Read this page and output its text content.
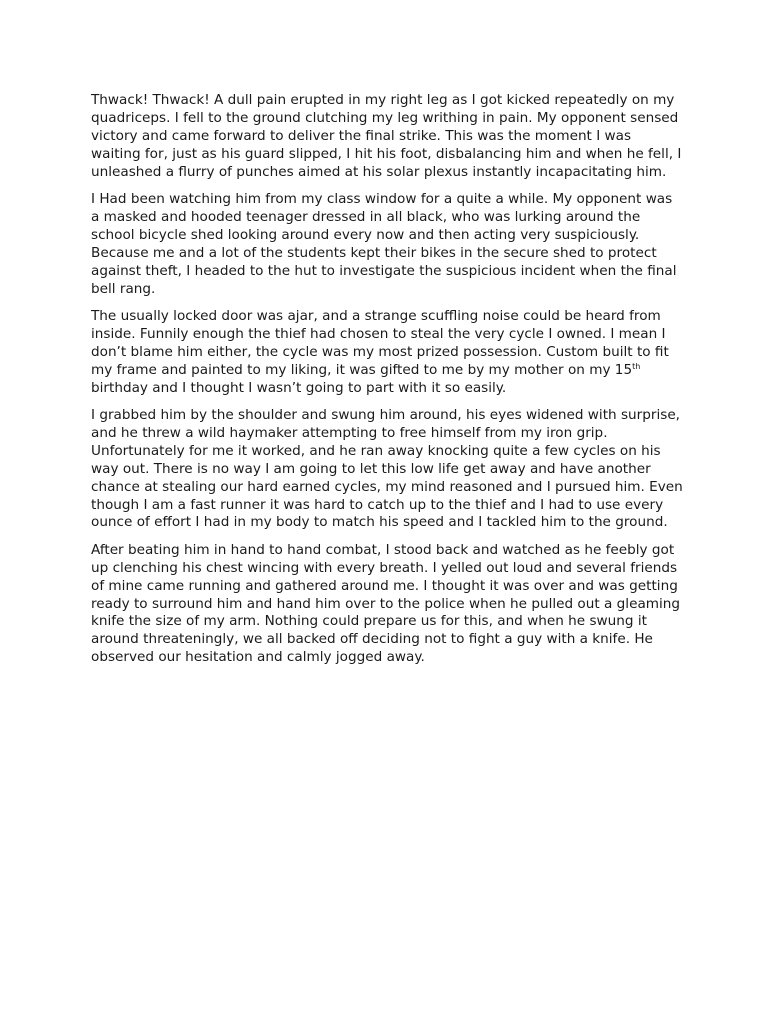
Thwack! Thwack! A dull pain erupted in my right leg as I got kicked repeatedly on my quadriceps. I fell to the ground clutching my leg writhing in pain. My opponent sensed victory and came forward to deliver the final strike. This was the moment I was waiting for, just as his guard slipped, I hit his foot, disbalancing him and when he fell, I unleashed a flurry of punches aimed at his solar plexus instantly incapacitating him.

I Had been watching him from my class window for a quite a while. My opponent was a masked and hooded teenager dressed in all black, who was lurking around the school bicycle shed looking around every now and then acting very suspiciously. Because me and a lot of the students kept their bikes in the secure shed to protect against theft, I headed to the hut to investigate the suspicious incident when the final bell rang.

The usually locked door was ajar, and a strange scuffling noise could be heard from inside. Funnily enough the thief had chosen to steal the very cycle I owned. I mean I don’t blame him either, the cycle was my most prized possession. Custom built to fit my frame and painted to my liking, it was gifted to me by my mother on my 15th birthday and I thought I wasn’t going to part with it so easily.

I grabbed him by the shoulder and swung him around, his eyes widened with surprise, and he threw a wild haymaker attempting to free himself from my iron grip. Unfortunately for me it worked, and he ran away knocking quite a few cycles on his way out. There is no way I am going to let this low life get away and have another chance at stealing our hard earned cycles, my mind reasoned and I pursued him. Even though I am a fast runner it was hard to catch up to the thief and I had to use every ounce of effort I had in my body to match his speed and I tackled him to the ground.

After beating him in hand to hand combat, I stood back and watched as he feebly got up clenching his chest wincing with every breath. I yelled out loud and several friends of mine came running and gathered around me. I thought it was over and was getting ready to surround him and hand him over to the police when he pulled out a gleaming knife the size of my arm. Nothing could prepare us for this, and when he swung it around threateningly, we all backed off deciding not to fight a guy with a knife. He observed our hesitation and calmly jogged away.
